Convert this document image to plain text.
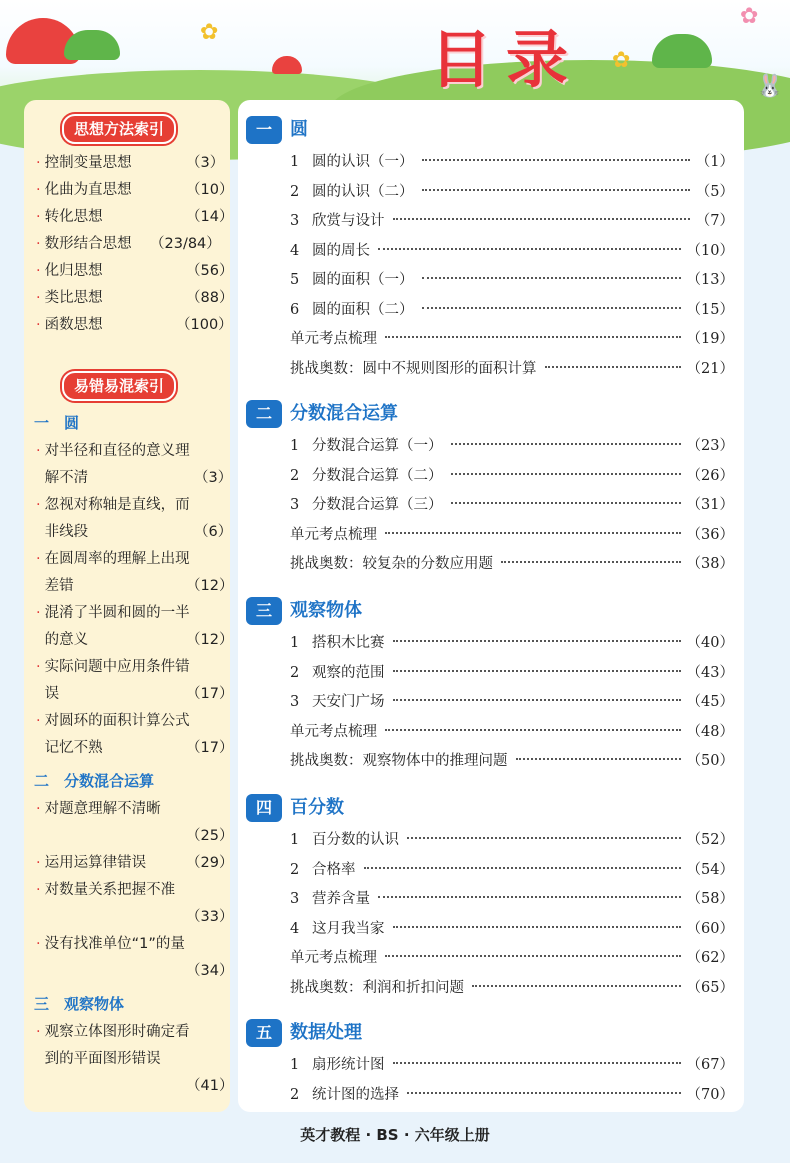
✿
✿
✿
🐰
目录
思想方法索引
· 控制变量思想	（3）
· 化曲为直思想	（10）
· 转化思想	（14）
· 数形结合思想 （23/84）
· 化归思想	（56）
· 类比思想	（88）
· 函数思想	（100）
易错易混索引
一　圆
· 对半径和直径的意义理
解不清	（3）
· 忽视对称轴是直线，而
非线段	（6）
· 在圆周率的理解上出现
差错	（12）
· 混淆了半圆和圆的一半
的意义	（12）
· 实际问题中应用条件错
误	（17）
· 对圆环的面积计算公式
记忆不熟	（17）
二　分数混合运算
· 对题意理解不清晰
（25）
· 运用运算律错误	（29）
· 对数量关系把握不准
（33）
· 没有找准单位“1”的量
（34）
三　观察物体
· 观察立体图形时确定看
到的平面图形错误
（41）
一	圆
1 圆的认识（一）	（1）
2 圆的认识（二）	（5）
3 欣赏与设计	（7）
4 圆的周长	（10）
5 圆的面积（一）	（13）
6 圆的面积（二）	（15）
单元考点梳理	（19）
挑战奥数：圆中不规则图形的面积计算	（21）
二	分数混合运算
1 分数混合运算（一）	（23）
2 分数混合运算（二）	（26）
3 分数混合运算（三）	（31）
单元考点梳理	（36）
挑战奥数：较复杂的分数应用题	（38）
三	观察物体
1 搭积木比赛	（40）
2 观察的范围	（43）
3 天安门广场	（45）
单元考点梳理	（48）
挑战奥数：观察物体中的推理问题	（50）
四	百分数
1 百分数的认识	（52）
2 合格率	（54）
3 营养含量	（58）
4 这月我当家	（60）
单元考点梳理	（62）
挑战奥数：利润和折扣问题	（65）
五	数据处理
1 扇形统计图	（67）
2 统计图的选择	（70）
英才教程 · BS · 六年级上册
